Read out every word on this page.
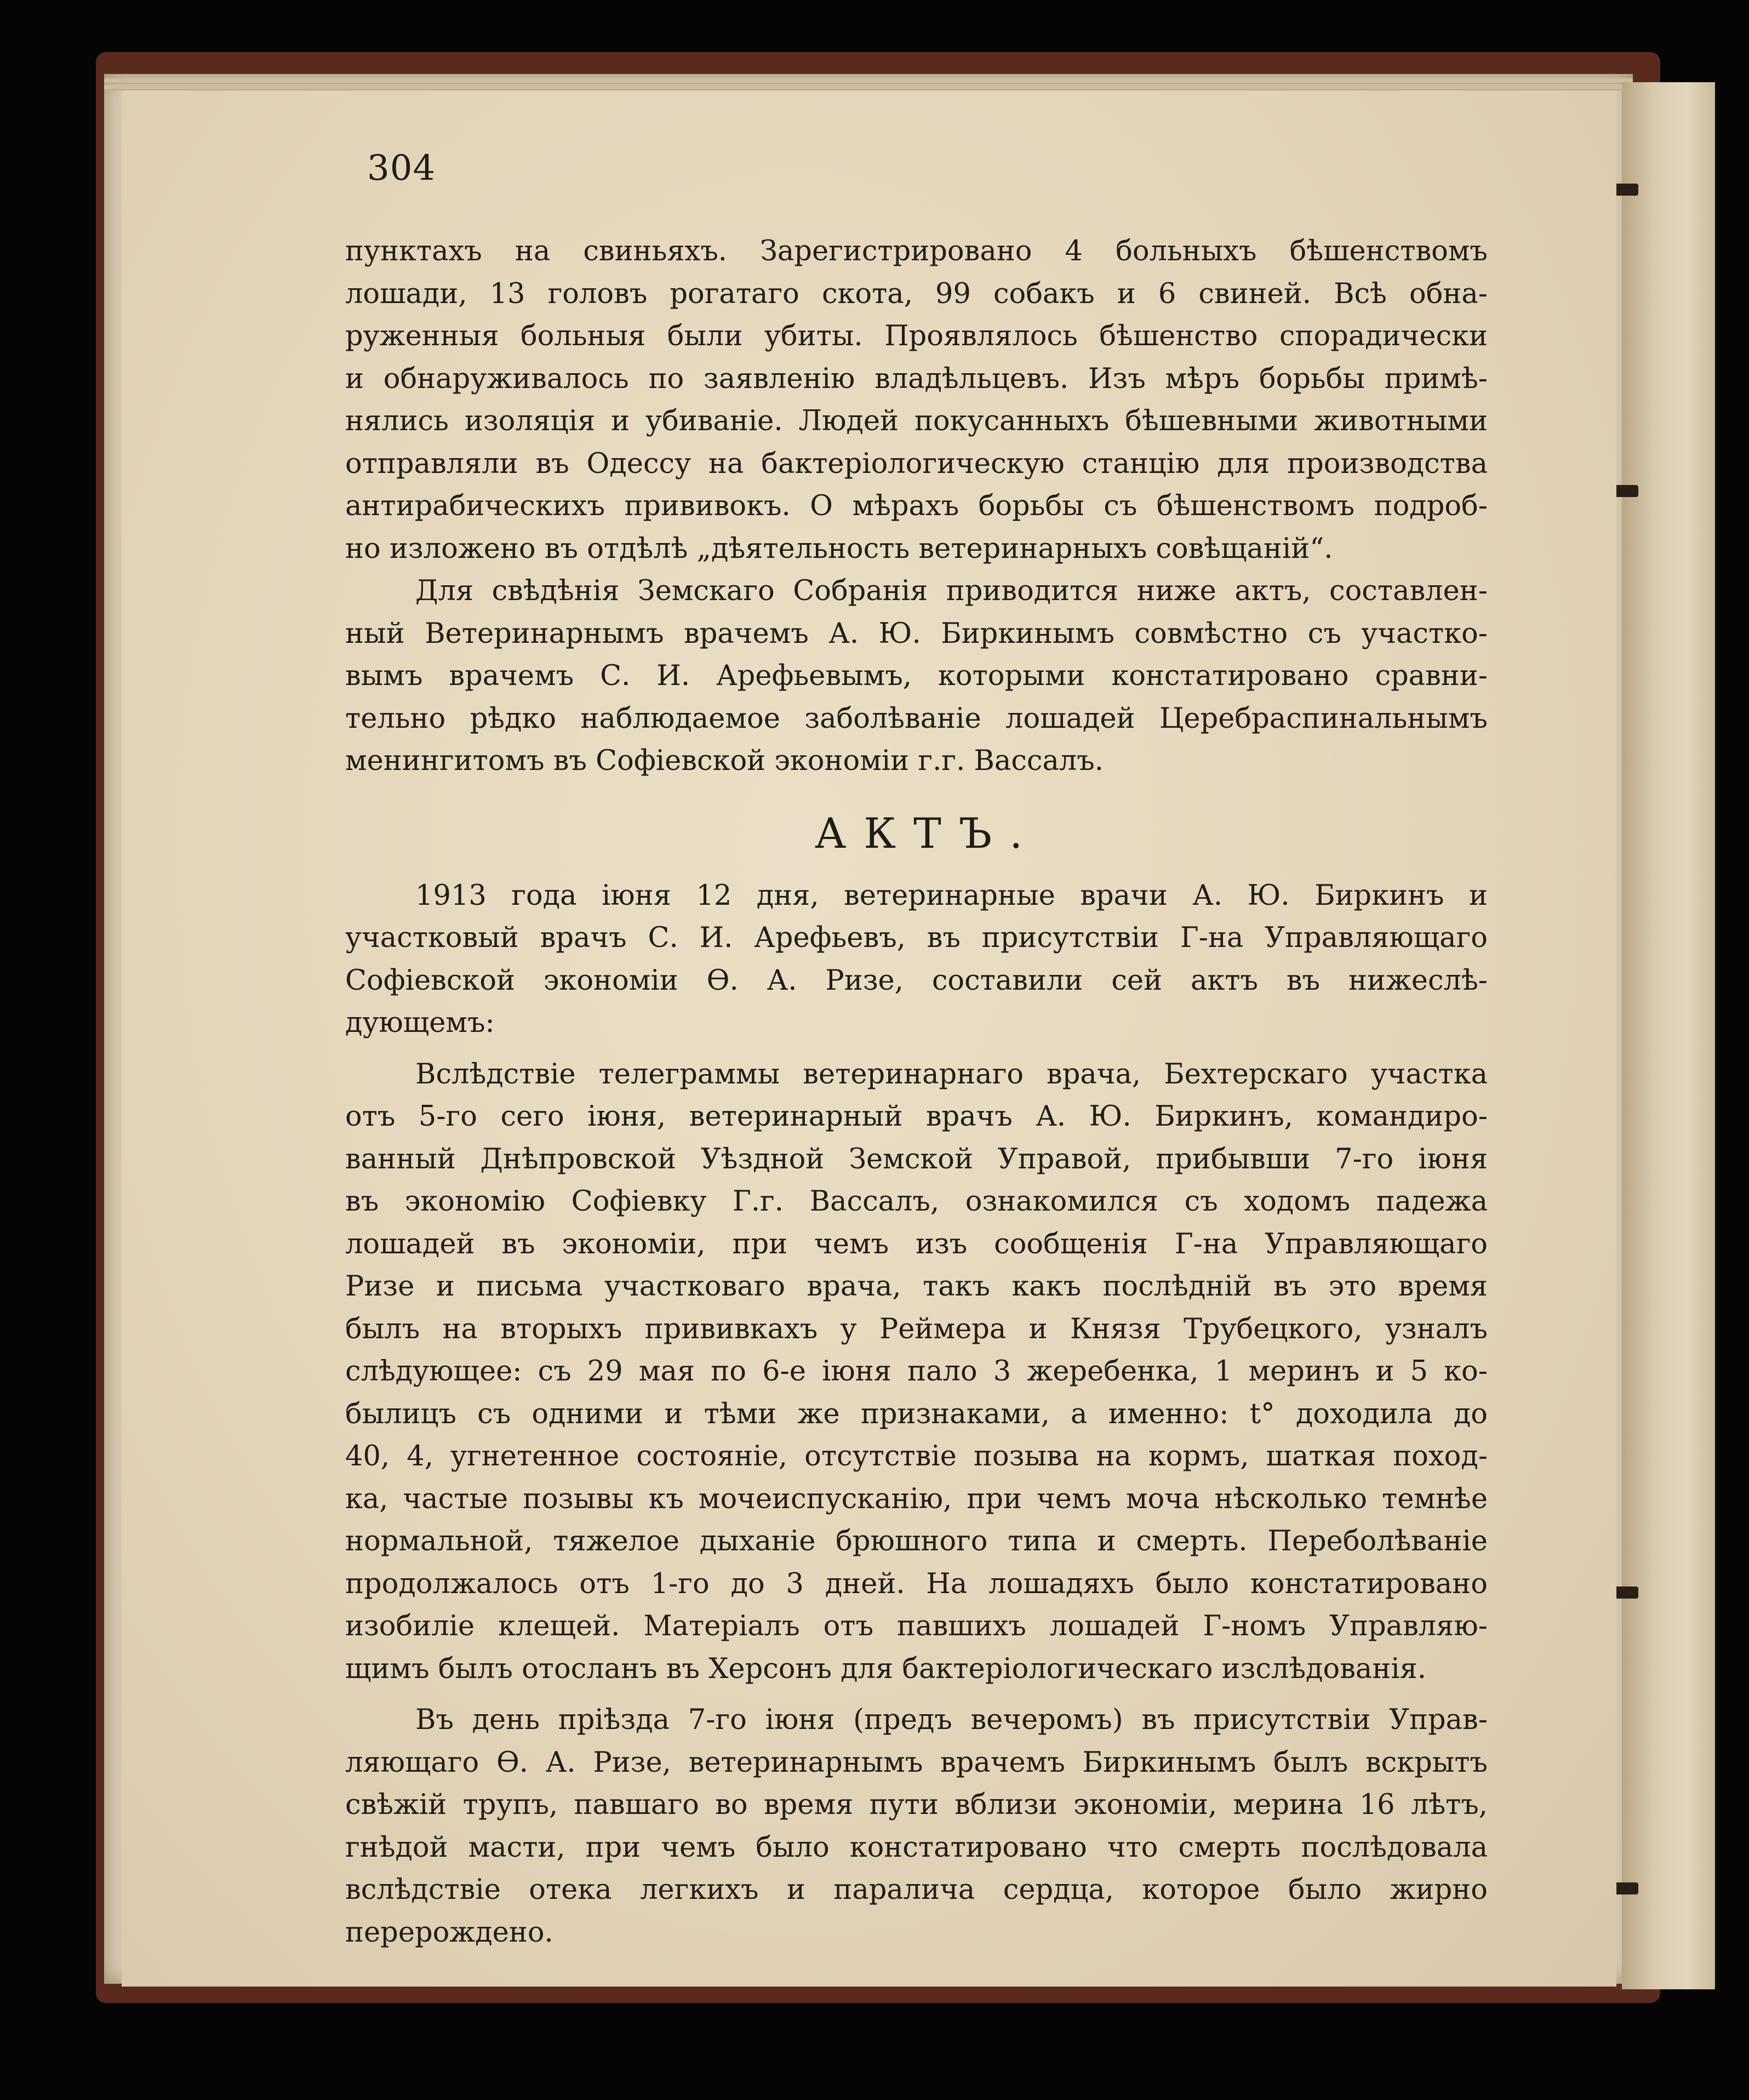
304
пунктахъ на свиньяхъ. Зарегистрировано 4 больныхъ бѣшенствомъ
лошади, 13 головъ рогатаго скота, 99 собакъ и 6 свиней. Всѣ обна-
руженныя больныя были убиты. Проявлялось бѣшенство спорадически
и обнаруживалось по заявленію владѣльцевъ. Изъ мѣръ борьбы примѣ-
нялись изоляція и убиваніе. Людей покусанныхъ бѣшевными животными
отправляли въ Одессу на бактеріологическую станцію для производства
антирабическихъ прививокъ. О мѣрахъ борьбы съ бѣшенствомъ подроб-
но изложено въ отдѣлѣ „дѣятельность ветеринарныхъ совѣщаній“.
Для свѣдѣнія Земскаго Собранія приводится ниже актъ, составлен-
ный Ветеринарнымъ врачемъ А. Ю. Биркинымъ совмѣстно съ участко-
вымъ врачемъ С. И. Арефьевымъ, которыми констатировано сравни-
тельно рѣдко наблюдаемое заболѣваніе лошадей Церебраспинальнымъ
менингитомъ въ Софіевской экономіи г.г. Вассалъ.
АКТЪ.
1913 года іюня 12 дня, ветеринарные врачи А. Ю. Биркинъ и
участковый врачъ С. И. Арефьевъ, въ присутствіи Г-на Управляющаго
Софіевской экономіи Ѳ. А. Ризе, составили сей актъ въ нижеслѣ-
дующемъ:
Вслѣдствіе телеграммы ветеринарнаго врача, Бехтерскаго участка
отъ 5-го сего іюня, ветеринарный врачъ А. Ю. Биркинъ, командиро-
ванный Днѣпровской Уѣздной Земской Управой, прибывши 7-го іюня
въ экономію Софіевку Г.г. Вассалъ, ознакомился съ ходомъ падежа
лошадей въ экономіи, при чемъ изъ сообщенія Г-на Управляющаго
Ризе и письма участковаго врача, такъ какъ послѣдній въ это время
былъ на вторыхъ прививкахъ у Реймера и Князя Трубецкого, узналъ
слѣдующее: съ 29 мая по 6-е іюня пало 3 жеребенка, 1 меринъ и 5 ко-
былицъ съ одними и тѣми же признаками, а именно: t° доходила до
40, 4, угнетенное состояніе, отсутствіе позыва на кормъ, шаткая поход-
ка, частые позывы къ мочеиспусканію, при чемъ моча нѣсколько темнѣе
нормальной, тяжелое дыханіе брюшного типа и смерть. Переболѣваніе
продолжалось отъ 1-го до 3 дней. На лошадяхъ было констатировано
изобиліе клещей. Матеріалъ отъ павшихъ лошадей Г-номъ Управляю-
щимъ былъ отосланъ въ Херсонъ для бактеріологическаго изслѣдованія.
Въ день пріѣзда 7-го іюня (предъ вечеромъ) въ присутствіи Управ-
ляющаго Ѳ. А. Ризе, ветеринарнымъ врачемъ Биркинымъ былъ вскрытъ
свѣжій трупъ, павшаго во время пути вблизи экономіи, мерина 16 лѣтъ,
гнѣдой масти, при чемъ было констатировано что смерть послѣдовала
вслѣдствіе отека легкихъ и паралича сердца, которое было жирно
перерождено.
